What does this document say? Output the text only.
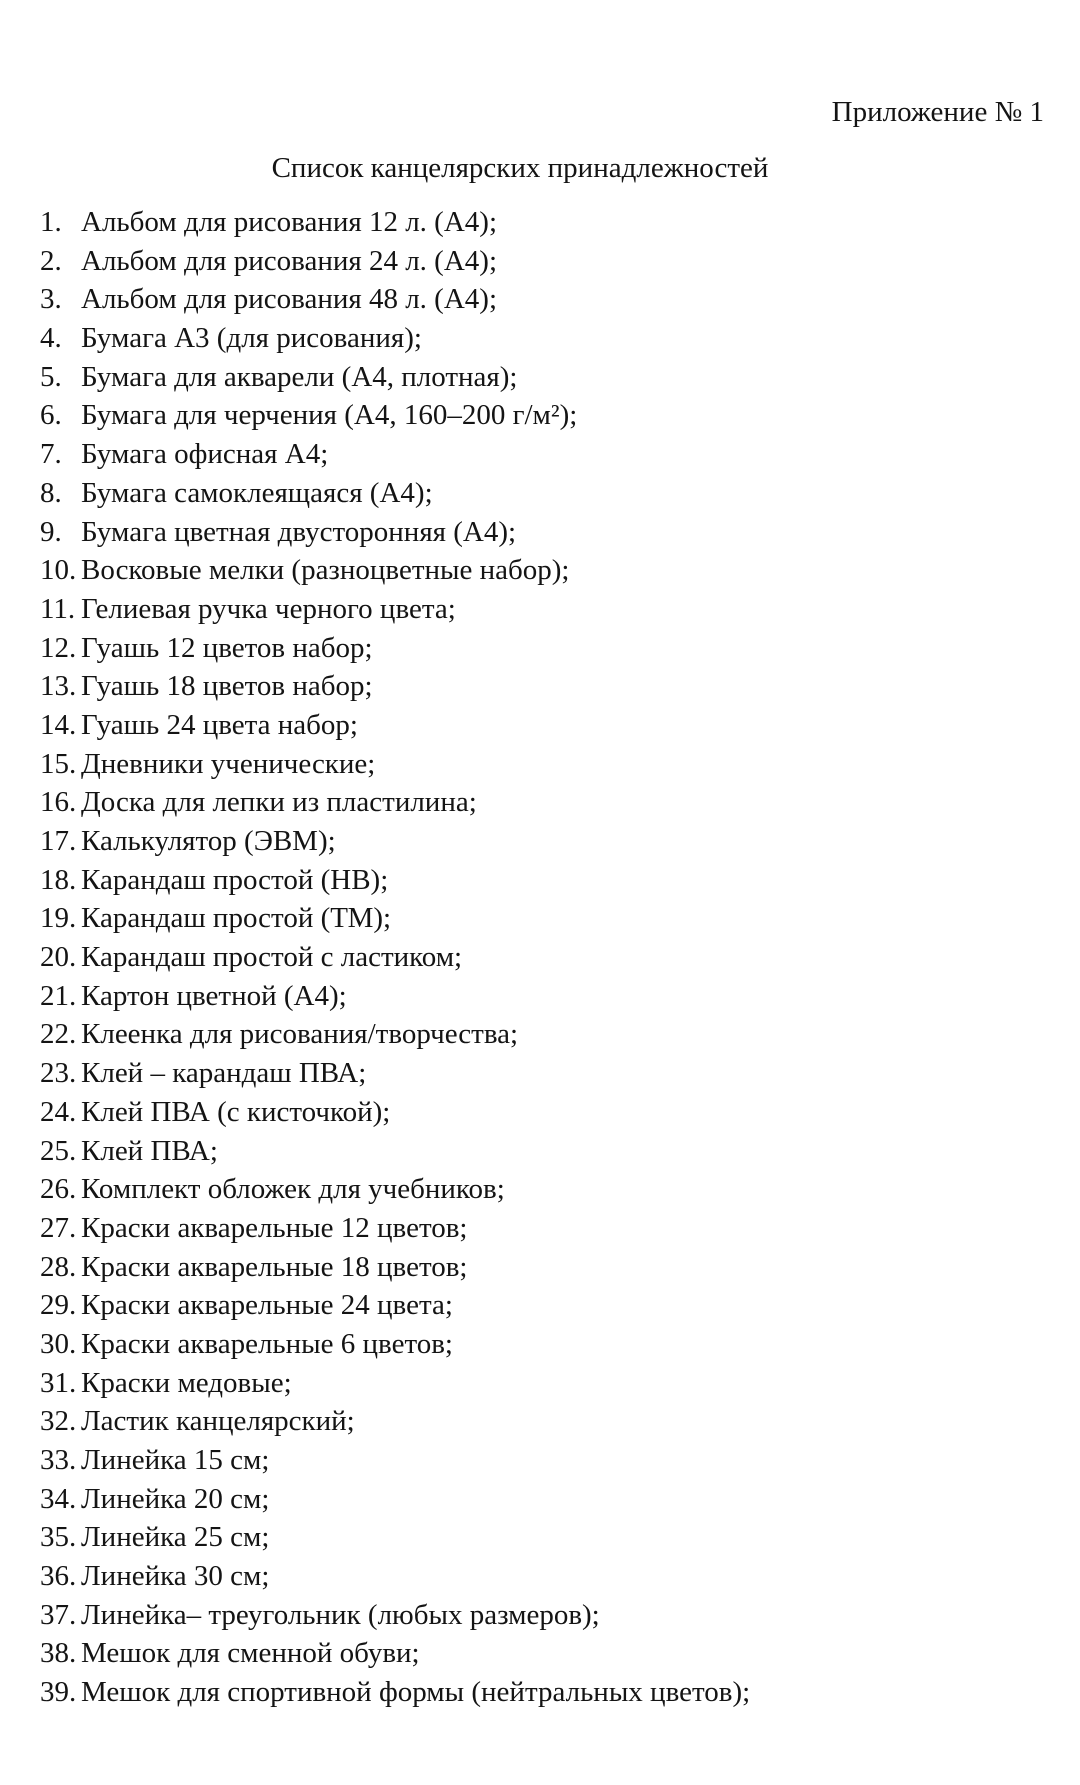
Приложение № 1
Список канцелярских принадлежностей
1. Альбом для рисования 12 л. (А4);
2. Альбом для рисования 24 л. (А4);
3. Альбом для рисования 48 л. (А4);
4. Бумага А3 (для рисования);
5. Бумага для акварели (А4, плотная);
6. Бумага для черчения (А4, 160–200 г/м²);
7. Бумага офисная А4;
8. Бумага самоклеящаяся (А4);
9. Бумага цветная двусторонняя (А4);
10. Восковые мелки (разноцветные набор);
11. Гелиевая ручка черного цвета;
12. Гуашь 12 цветов набор;
13. Гуашь 18 цветов набор;
14. Гуашь 24 цвета набор;
15. Дневники ученические;
16. Доска для лепки из пластилина;
17. Калькулятор (ЭВМ);
18. Карандаш простой (НВ);
19. Карандаш простой (ТМ);
20. Карандаш простой с ластиком;
21. Картон цветной (А4);
22. Клеенка для рисования/творчества;
23. Клей – карандаш ПВА;
24. Клей ПВА (с кисточкой);
25. Клей ПВА;
26. Комплект обложек для учебников;
27. Краски акварельные 12 цветов;
28. Краски акварельные 18 цветов;
29. Краски акварельные 24 цвета;
30. Краски акварельные 6 цветов;
31. Краски медовые;
32. Ластик канцелярский;
33. Линейка 15 см;
34. Линейка 20 см;
35. Линейка 25 см;
36. Линейка 30 см;
37. Линейка– треугольник (любых размеров);
38. Мешок для сменной обуви;
39. Мешок для спортивной формы (нейтральных цветов);
